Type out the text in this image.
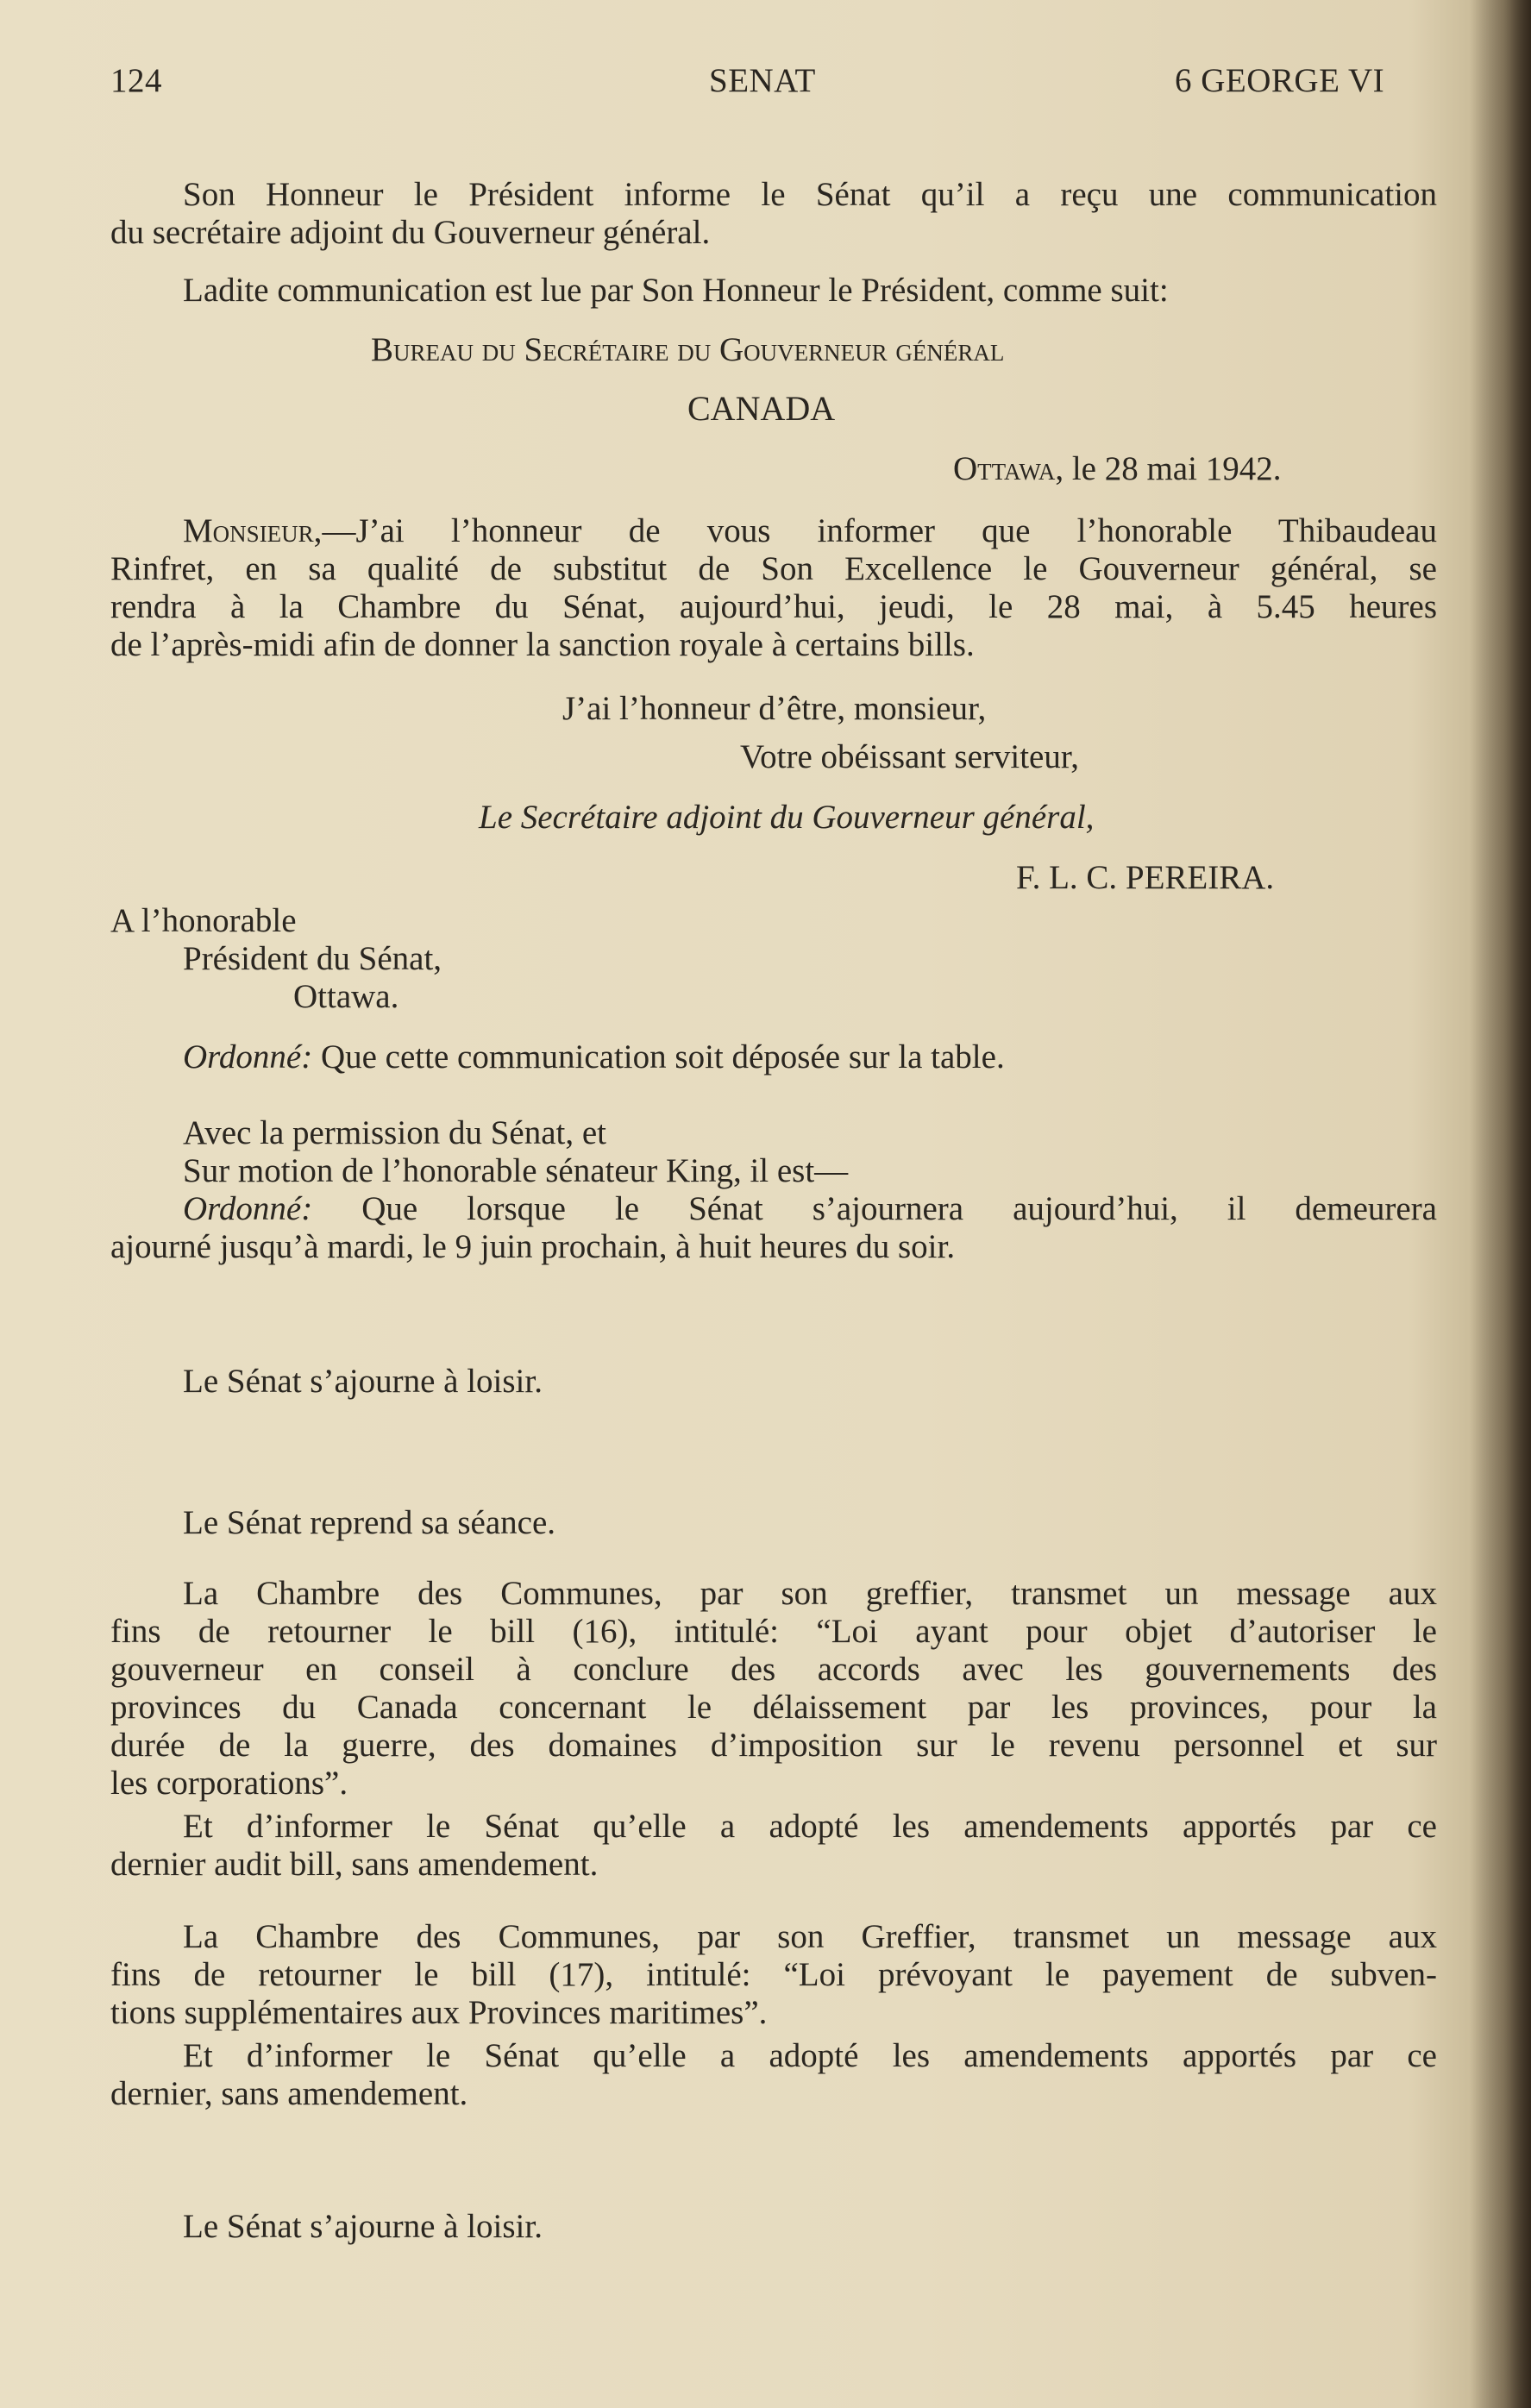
124	SENAT	6 GEORGE VI
Son Honneur le Président informe le Sénat qu’il a reçu une communication
du secrétaire adjoint du Gouverneur général.
Ladite communication est lue par Son Honneur le Président, comme suit:
Bureau du Secrétaire du Gouverneur général
CANADA
Ottawa, le 28 mai 1942.
Monsieur,—J’ai l’honneur de vous informer que l’honorable Thibaudeau
Rinfret, en sa qualité de substitut de Son Excellence le Gouverneur général, se
rendra à la Chambre du Sénat, aujourd’hui, jeudi, le 28 mai, à 5.45 heures
de l’après-midi afin de donner la sanction royale à certains bills.
J’ai l’honneur d’être, monsieur,
Votre obéissant serviteur,
Le Secrétaire adjoint du Gouverneur général,
F. L. C. PEREIRA.
A l’honorable
Président du Sénat,
Ottawa.
Ordonné: Que cette communication soit déposée sur la table.
Avec la permission du Sénat, et
Sur motion de l’honorable sénateur King, il est—
Ordonné: Que lorsque le Sénat s’ajournera aujourd’hui, il demeurera
ajourné jusqu’à mardi, le 9 juin prochain, à huit heures du soir.
Le Sénat s’ajourne à loisir.
Le Sénat reprend sa séance.
La Chambre des Communes, par son greffier, transmet un message aux
fins de retourner le bill (16), intitulé: “Loi ayant pour objet d’autoriser le
gouverneur en conseil à conclure des accords avec les gouvernements des
provinces du Canada concernant le délaissement par les provinces, pour la
durée de la guerre, des domaines d’imposition sur le revenu personnel et sur
les corporations”.
Et d’informer le Sénat qu’elle a adopté les amendements apportés par ce
dernier audit bill, sans amendement.
La Chambre des Communes, par son Greffier, transmet un message aux
fins de retourner le bill (17), intitulé: “Loi prévoyant le payement de subven-
tions supplémentaires aux Provinces maritimes”.
Et d’informer le Sénat qu’elle a adopté les amendements apportés par ce
dernier, sans amendement.
Le Sénat s’ajourne à loisir.
